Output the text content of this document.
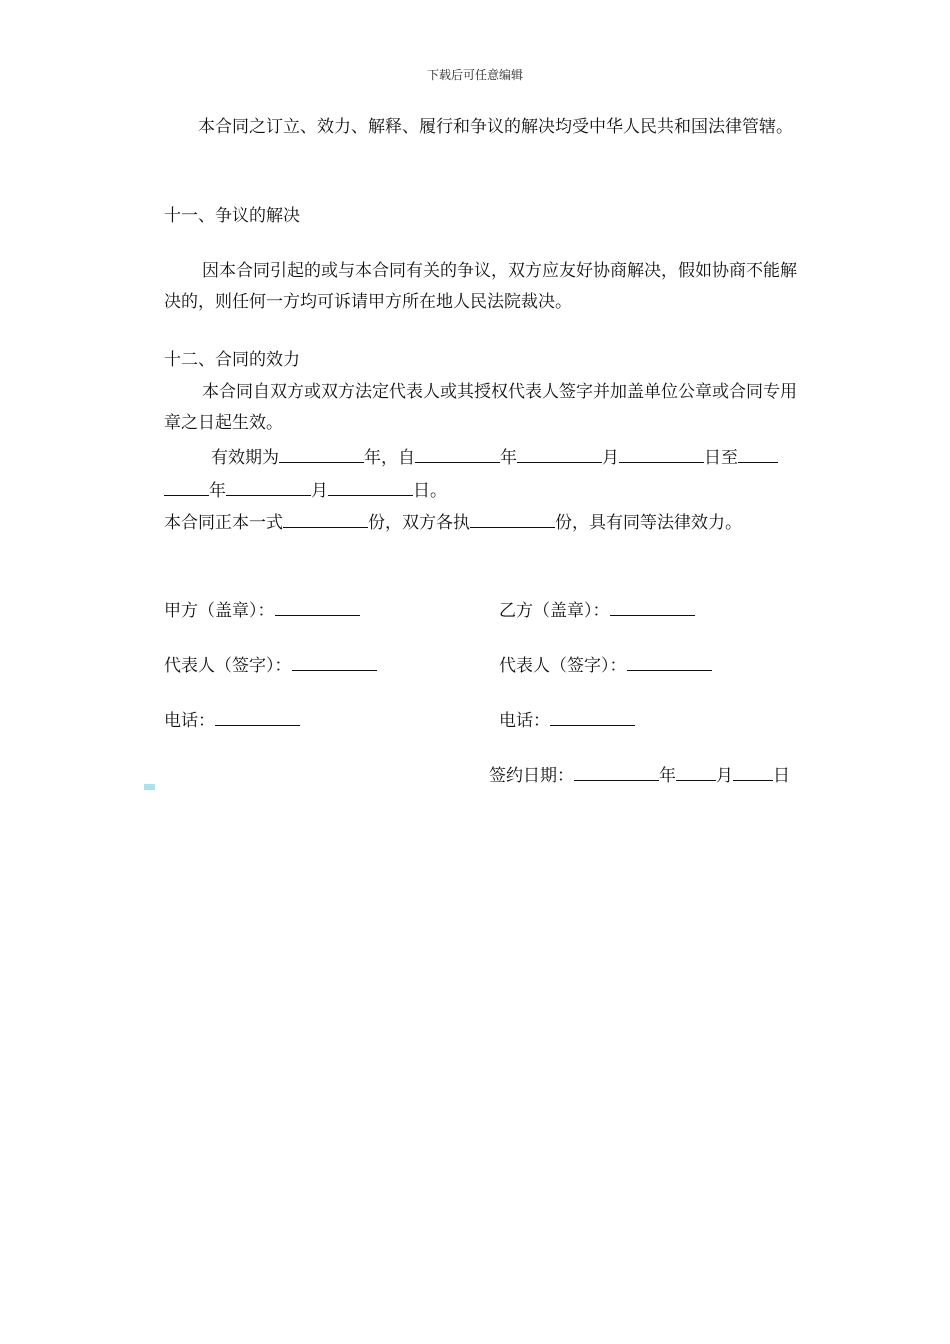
下载后可任意编辑
本合同之订立、效力、解释、履行和争议的解决均受中华人民共和国法律管辖。
十一、争议的解决
因本合同引起的或与本合同有关的争议，双方应友好协商解决，假如协商不能解决的，则任何一方均可诉请甲方所在地人民法院裁决。
十二、合同的效力
本合同自双方或双方法定代表人或其授权代表人签字并加盖单位公章或合同专用章之日起生效。
有效期为	年，自	年	月	日至
年	月	日。
本合同正本一式	份，双方各执	份，具有同等法律效力。
甲方（盖章）：	乙方（盖章）：
代表人（签字）：	代表人（签字）：
电话：	电话：
签约日期：	年 月 日
